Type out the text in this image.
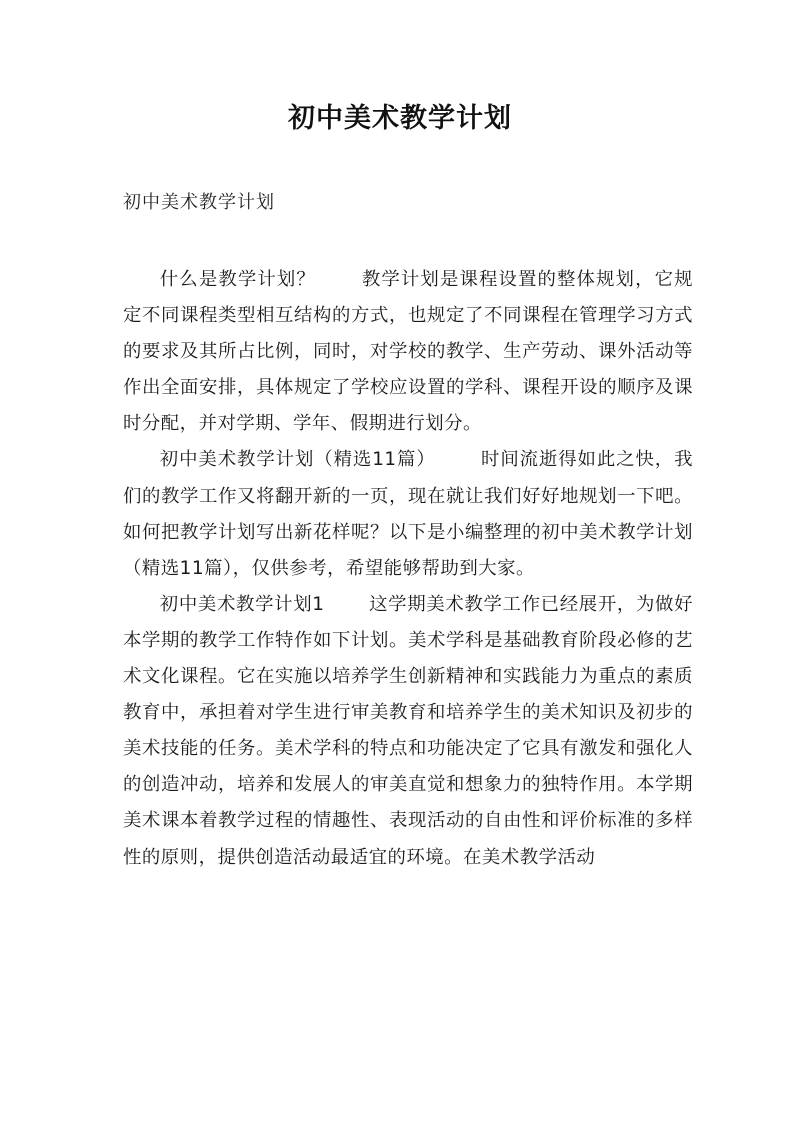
初中美术教学计划

初中美术教学计划

什么是教学计划？ 　　教学计划是课程设置的整体规划，它规定不同课程类型相互结构的方式，也规定了不同课程在管理学习方式的要求及其所占比例，同时，对学校的教学、生产劳动、课外活动等作出全面安排，具体规定了学校应设置的学科、课程开设的顺序及课时分配，并对学期、学年、假期进行划分。

初中美术教学计划（精选11篇） 　　时间流逝得如此之快，我们的教学工作又将翻开新的一页，现在就让我们好好地规划一下吧。如何把教学计划写出新花样呢？以下是小编整理的初中美术教学计划（精选11篇），仅供参考，希望能够帮助到大家。

初中美术教学计划1 　　这学期美术教学工作已经展开，为做好本学期的教学工作特作如下计划。美术学科是基础教育阶段必修的艺术文化课程。它在实施以培养学生创新精神和实践能力为重点的素质教育中，承担着对学生进行审美教育和培养学生的美术知识及初步的美术技能的任务。美术学科的特点和功能决定了它具有激发和强化人的创造冲动，培养和发展人的审美直觉和想象力的独特作用。本学期美术课本着教学过程的情趣性、表现活动的自由性和评价标准的多样性的原则，提供创造活动最适宜的环境。在美术教学活动
